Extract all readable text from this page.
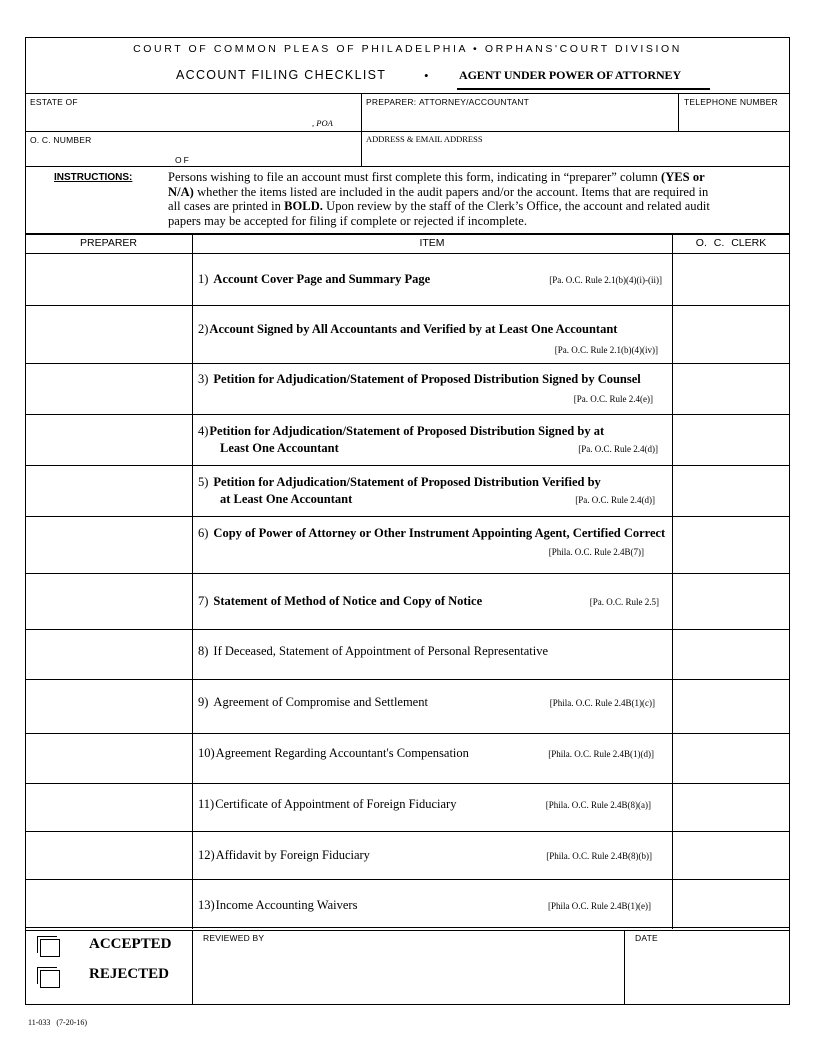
COURT OF COMMON PLEAS OF PHILADELPHIA • ORPHANS'COURT DIVISION
ACCOUNT FILING CHECKLIST	•	AGENT UNDER POWER OF ATTORNEY
ESTATE OF
, POA
PREPARER: ATTORNEY/ACCOUNTANT	TELEPHONE NUMBER
O. C. NUMBER
OF
ADDRESS & EMAIL ADDRESS
INSTRUCTIONS:	Persons wishing to file an account must first complete this form, indicating in “preparer” column (YES or
N/A) whether the items listed are included in the audit papers and/or the account. Items that are required in
all cases are printed in BOLD. Upon review by the staff of the Clerk’s Office, the account and related audit
papers may be accepted for filing if complete or rejected if incomplete.
PREPARER	ITEM	O. C. CLERK
1) Account Cover Page and Summary Page	[Pa. O.C. Rule 2.1(b)(4)(i)-(ii)]
2)Account Signed by All Accountants and Verified by at Least One Accountant
[Pa. O.C. Rule 2.1(b)(4)(iv)]
3) Petition for Adjudication/Statement of Proposed Distribution Signed by Counsel
[Pa. O.C. Rule 2.4(e)]
4)Petition for Adjudication/Statement of Proposed Distribution Signed by at
Least One Accountant	[Pa. O.C. Rule 2.4(d)]
5) Petition for Adjudication/Statement of Proposed Distribution Verified by
at Least One Accountant	[Pa. O.C. Rule 2.4(d)]
6) Copy of Power of Attorney or Other Instrument Appointing Agent, Certified Correct
[Phila. O.C. Rule 2.4B(7)]
7) Statement of Method of Notice and Copy of Notice	[Pa. O.C. Rule 2.5]
8) If Deceased, Statement of Appointment of Personal Representative
9) Agreement of Compromise and Settlement	[Phila. O.C. Rule 2.4B(1)(c)]
10)Agreement Regarding Accountant's Compensation	[Phila. O.C. Rule 2.4B(1)(d)]
11)Certificate of Appointment of Foreign Fiduciary	[Phila. O.C. Rule 2.4B(8)(a)]
12)Affidavit by Foreign Fiduciary	[Phila. O.C. Rule 2.4B(8)(b)]
13)Income Accounting Waivers	[Phila O.C. Rule 2.4B(1)(e)]
ACCEPTED
REJECTED
REVIEWED BY	DATE
11-033 (7-20-16)
